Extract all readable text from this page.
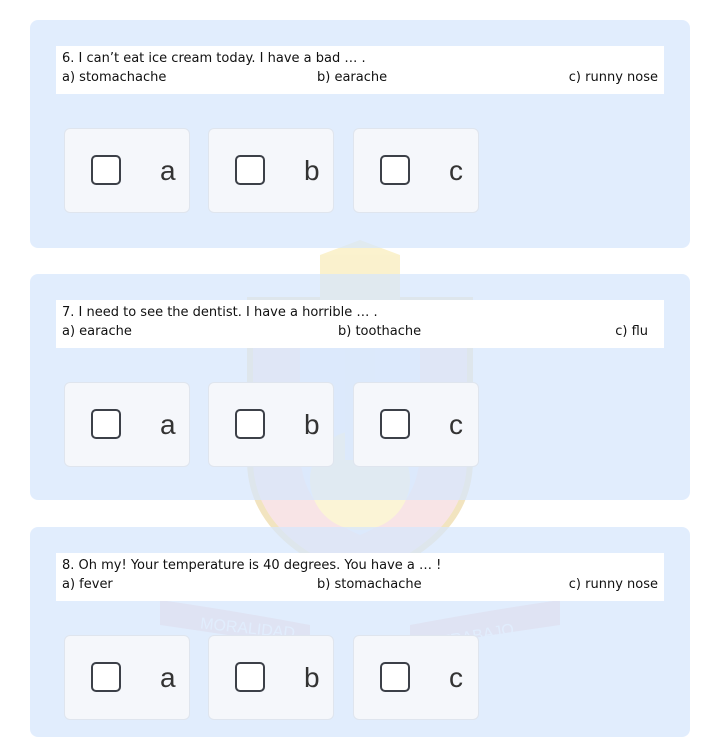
6. I can’t eat ice cream today. I have a bad … .
a) stomachache	b) earache	c) runny nose
a	b	c
7. I need to see the dentist. I have a horrible … .
a) earache	b) toothache	c) flu
a	b	c
8. Oh my! Your temperature is 40 degrees. You have a … !
a) fever	b) stomachache	c) runny nose
a	b	c
